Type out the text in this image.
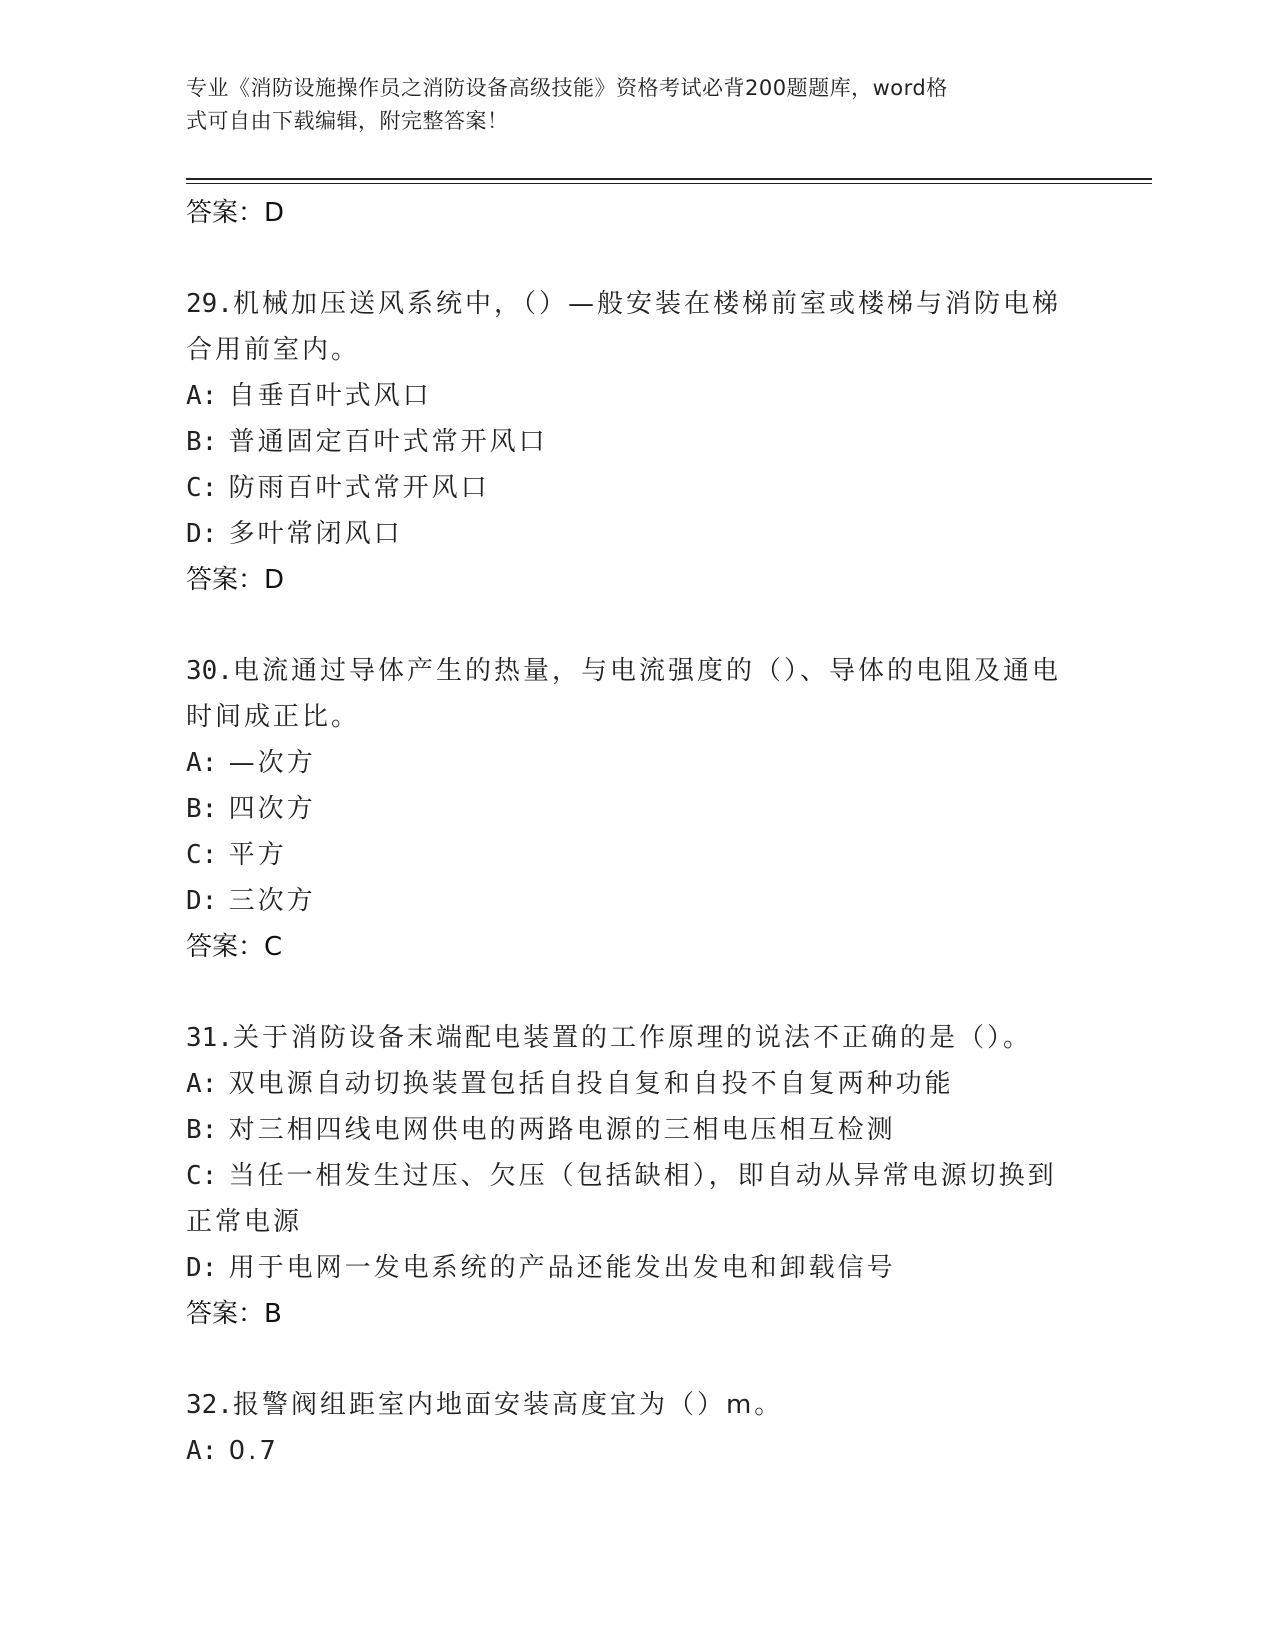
专业《消防设施操作员之消防设备高级技能》资格考试必背200题题库，word格
式可自由下载编辑，附完整答案！
答案：D
29.机械加压送风系统中，（）—般安装在楼梯前室或楼梯与消防电梯
合用前室内。
A: 自垂百叶式风口
B: 普通固定百叶式常开风口
C: 防雨百叶式常开风口
D: 多叶常闭风口
答案：D
30.电流通过导体产生的热量，与电流强度的（）、导体的电阻及通电
时间成正比。
A: —次方
B: 四次方
C: 平方
D: 三次方
答案：C
31.关于消防设备末端配电装置的工作原理的说法不正确的是（）。
A: 双电源自动切换装置包括自投自复和自投不自复两种功能
B: 对三相四线电网供电的两路电源的三相电压相互检测
C: 当任一相发生过压、欠压（包括缺相），即自动从异常电源切换到
正常电源
D: 用于电网一发电系统的产品还能发出发电和卸载信号
答案：B
32.报警阀组距室内地面安装高度宜为（）m。
A: 0.7
